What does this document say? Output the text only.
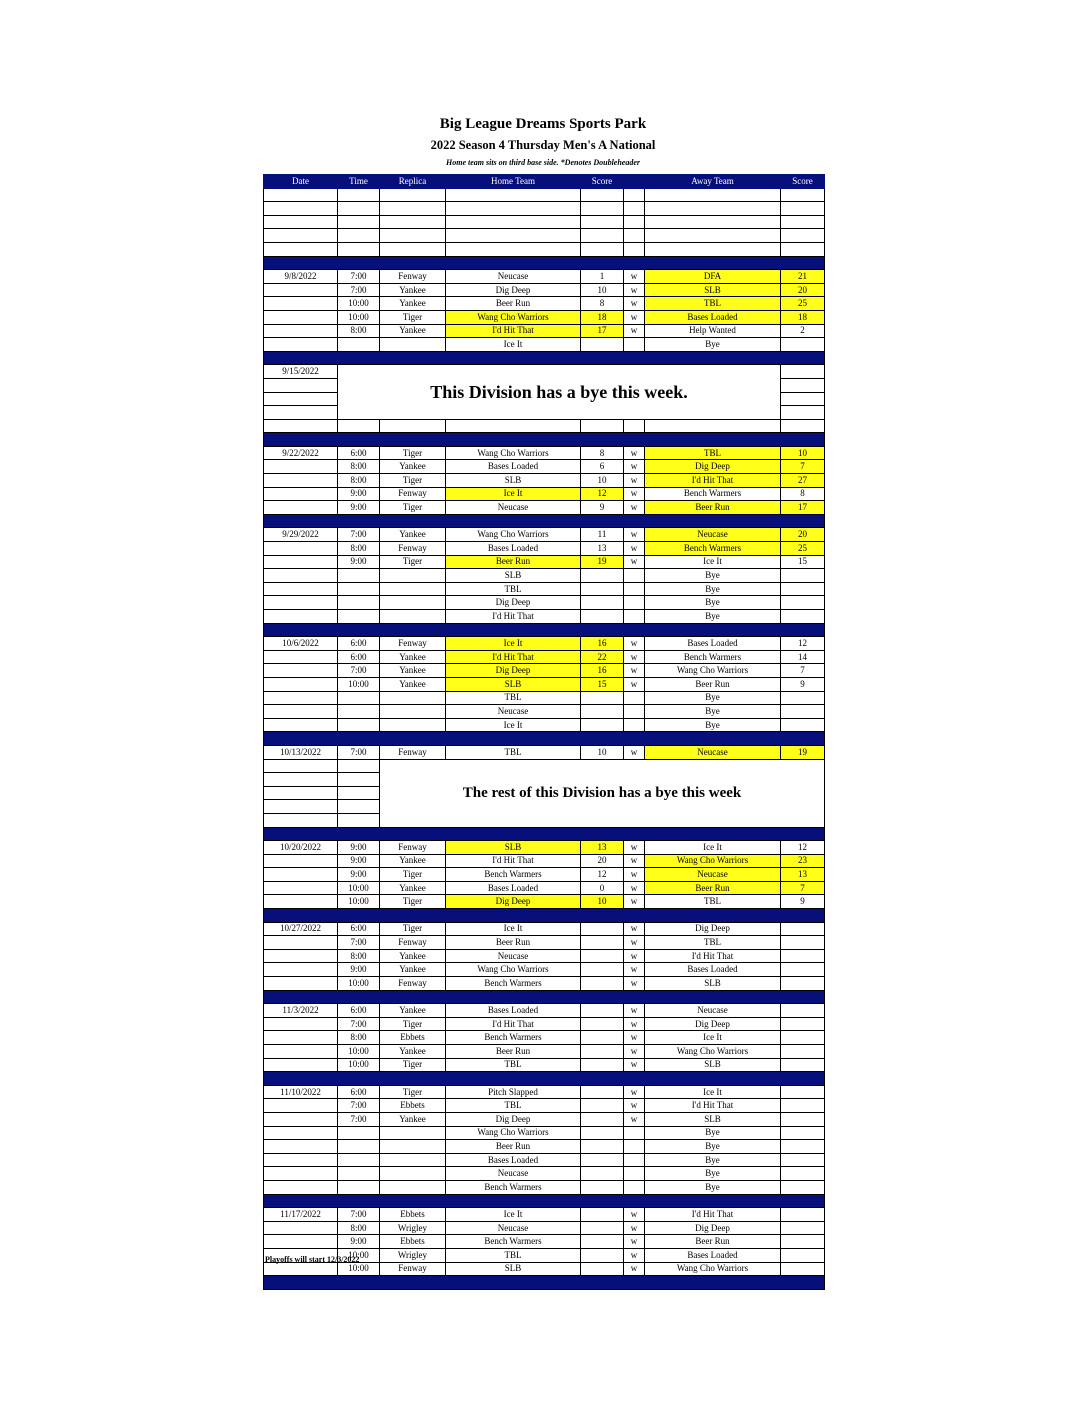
Big League Dreams Sports Park
2022 Season 4 Thursday Men's A National
Home team sits on third base side. *Denotes Doubleheader
Date	Time	Replica	Home Team	Score		Away Team	Score

9/8/2022	7:00	Fenway	Neucase	1	w	DFA	21
	7:00	Yankee	Dig Deep	10	w	SLB	20
	10:00	Yankee	Beer Run	8	w	TBL	25
	10:00	Tiger	Wang Cho Warriors	18	w	Bases Loaded	18
	8:00	Yankee	I'd Hit That	17	w	Help Wanted	2
			Ice It			Bye	

9/15/2022	This Division has a bye this week.						

9/22/2022	6:00	Tiger	Wang Cho Warriors	8	w	TBL	10
	8:00	Yankee	Bases Loaded	6	w	Dig Deep	7
	8:00	Tiger	SLB	10	w	I'd Hit That	27
	9:00	Fenway	Ice It	12	w	Bench Warmers	8
	9:00	Tiger	Neucase	9	w	Beer Run	17

9/29/2022	7:00	Yankee	Wang Cho Warriors	11	w	Neucase	20
	8:00	Fenway	Bases Loaded	13	w	Bench Warmers	25
	9:00	Tiger	Beer Run	19	w	Ice It	15
			SLB			Bye	
			TBL			Bye	
			Dig Deep			Bye	
			I'd Hit That			Bye	

10/6/2022	6:00	Fenway	Ice It	16	w	Bases Loaded	12
	6:00	Yankee	I'd Hit That	22	w	Bench Warmers	14
	7:00	Yankee	Dig Deep	16	w	Wang Cho Warriors	7
	10:00	Yankee	SLB	15	w	Beer Run	9
			TBL			Bye	
			Neucase			Bye	
			Ice It			Bye	

10/13/2022	7:00	Fenway	TBL	10	w	Neucase	19
		The rest of this Division has a bye this week					

10/20/2022	9:00	Fenway	SLB	13	w	Ice It	12
	9:00	Yankee	I'd Hit That	20	w	Wang Cho Warriors	23
	9:00	Tiger	Bench Warmers	12	w	Neucase	13
	10:00	Yankee	Bases Loaded	0	w	Beer Run	7
	10:00	Tiger	Dig Deep	10	w	TBL	9

10/27/2022	6:00	Tiger	Ice It		w	Dig Deep	
	7:00	Fenway	Beer Run		w	TBL	
	8:00	Yankee	Neucase		w	I'd Hit That	
	9:00	Yankee	Wang Cho Warriors		w	Bases Loaded	
	10:00	Fenway	Bench Warmers		w	SLB	

11/3/2022	6:00	Yankee	Bases Loaded		w	Neucase	
	7:00	Tiger	I'd Hit That		w	Dig Deep	
	8:00	Ebbets	Bench Warmers		w	Ice It	
	10:00	Yankee	Beer Run		w	Wang Cho Warriors	
	10:00	Tiger	TBL		w	SLB	

11/10/2022	6:00	Tiger	Pitch Slapped		w	Ice It	
	7:00	Ebbets	TBL		w	I'd Hit That	
	7:00	Yankee	Dig Deep		w	SLB	
			Wang Cho Warriors			Bye	
			Beer Run			Bye	
			Bases Loaded			Bye	
			Neucase			Bye	
			Bench Warmers			Bye	

11/17/2022	7:00	Ebbets	Ice It		w	I'd Hit That	
	8:00	Wrigley	Neucase		w	Dig Deep	
	9:00	Ebbets	Bench Warmers		w	Beer Run	
	10:00	Wrigley	TBL		w	Bases Loaded	
	10:00	Fenway	SLB		w	Wang Cho Warriors	

Playoffs will start 12/3/2022
